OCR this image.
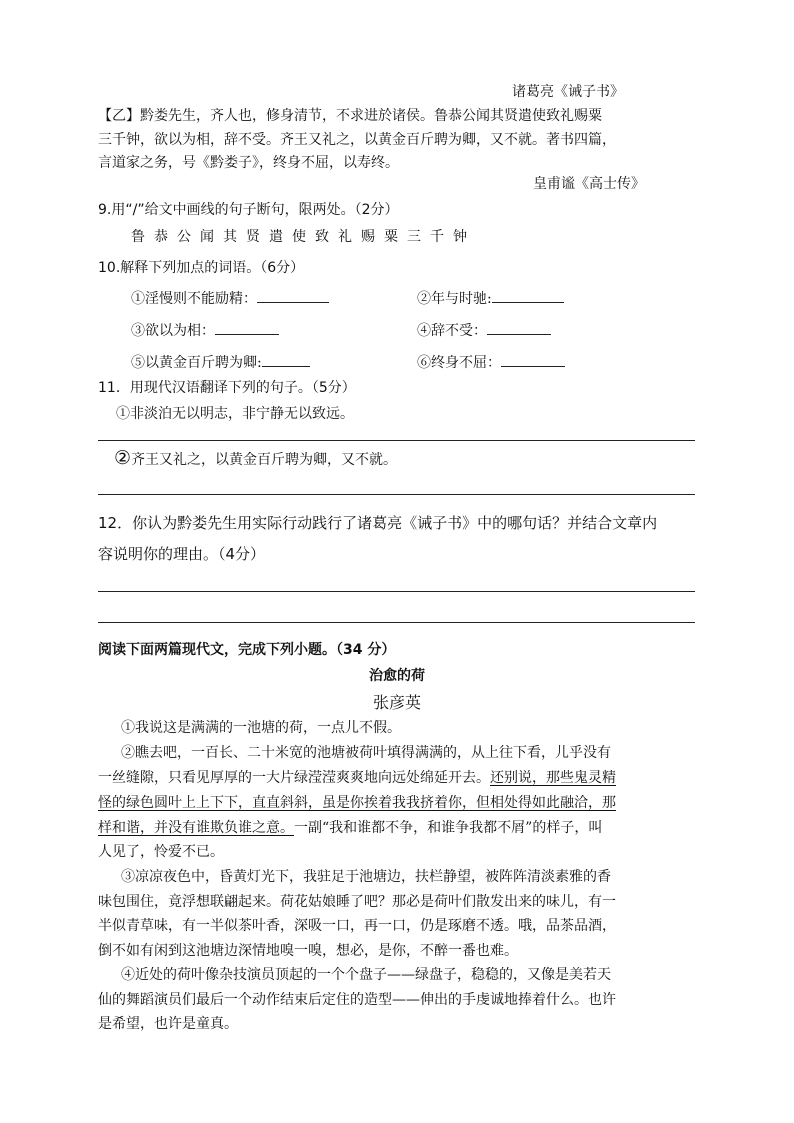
诸葛亮《诫子书》
【乙】黔娄先生，齐人也，修身清节，不求进於诸侯。鲁恭公闻其贤遣使致礼赐粟
三千钟，欲以为相，辞不受。齐王又礼之，以黄金百斤聘为卿，又不就。著书四篇，
言道家之务，号《黔娄子》，终身不屈，以寿终。
皇甫谧《高士传》
9.用“/”给文中画线的句子断句，限两处。（2分）
鲁恭公闻其贤遣使致礼赐粟三千钟
10.解释下列加点的词语。（6分）
①淫慢则不能励精：	②年与时驰:
③欲以为相：	④辞不受：
⑤以黄金百斤聘为卿:	⑥终身不屈：
11．用现代汉语翻译下列的句子。（5分）
①非淡泊无以明志，非宁静无以致远。
②齐王又礼之，以黄金百斤聘为卿，又不就。
12．你认为黔娄先生用实际行动践行了诸葛亮《诫子书》中的哪句话？并结合文章内
容说明你的理由。（4分）
阅读下面两篇现代文，完成下列小题。（34 分）
治愈的荷
张彦英
①我说这是满满的一池塘的荷，一点儿不假。
②瞧去吧，一百长、二十米宽的池塘被荷叶填得满满的，从上往下看，儿乎没有
一丝缝隙，只看见厚厚的一大片绿滢滢爽爽地向远处绵延开去。还别说，那些鬼灵精
怪的绿色圆叶上上下下，直直斜斜，虽是你挨着我我挤着你，但相处得如此融洽，那
样和谐，并没有谁欺负谁之意。一副“我和谁都不争，和谁争我都不屑”的样子，叫
人见了，怜爱不已。
③凉凉夜色中，昏黄灯光下，我驻足于池塘边，扶栏静望，被阵阵清淡素雅的香
味包围住，竟浮想联翩起来。荷花姑娘睡了吧？那必是荷叶们散发出来的味儿，有一
半似青草味，有一半似茶叶香，深吸一口，再一口，仍是琢磨不透。哦，品茶品酒，
倒不如有闲到这池塘边深情地嗅一嗅，想必，是你，不醉一番也难。
④近处的荷叶像杂技演员顶起的一个个盘子——绿盘子，稳稳的，又像是美若天
仙的舞蹈演员们最后一个动作结束后定住的造型——伸出的手虔诚地捧着什么。也许
是希望，也许是童真。
